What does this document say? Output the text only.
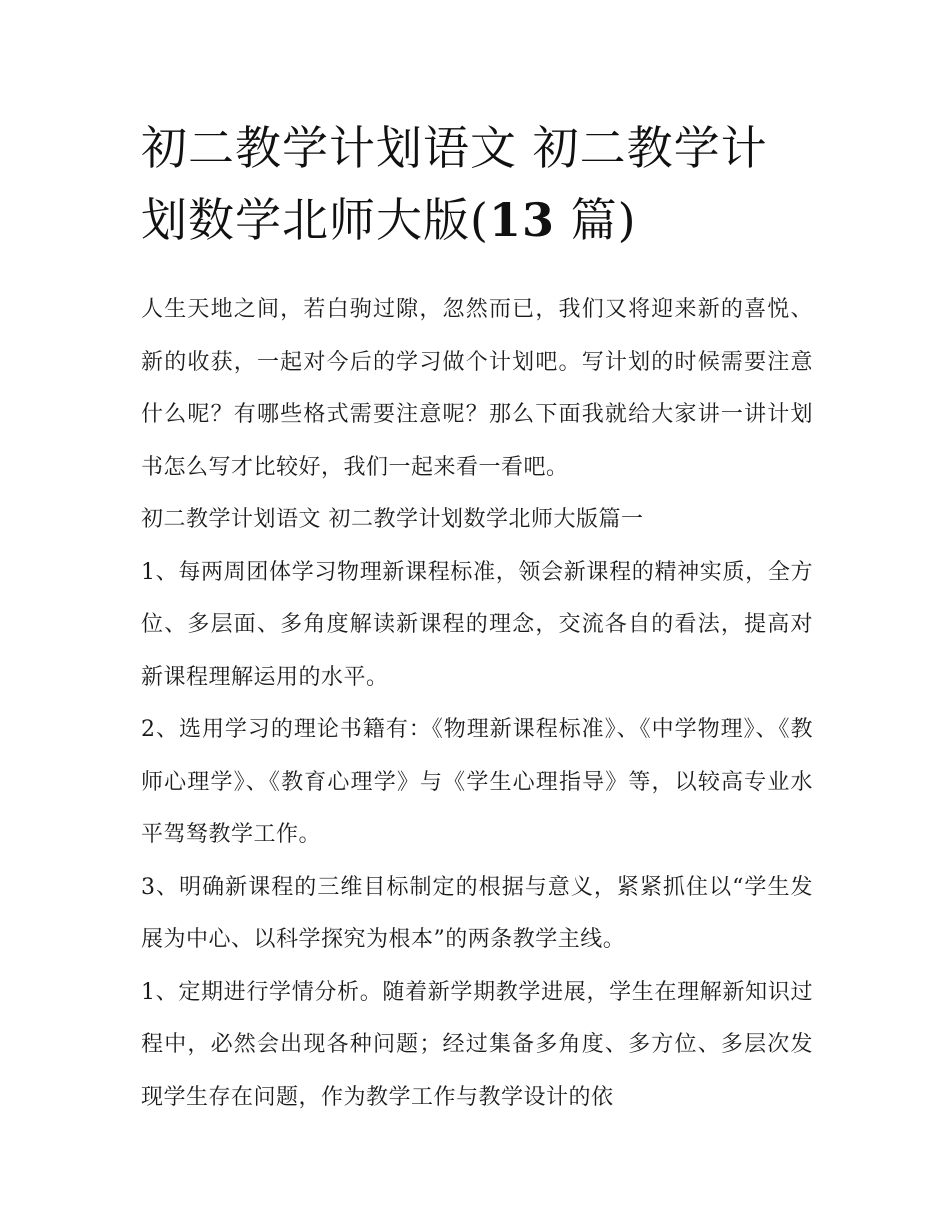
初二教学计划语文 初二教学计划数学北师大版(13 篇)

人生天地之间，若白驹过隙，忽然而已，我们又将迎来新的喜悦、新的收获，一起对今后的学习做个计划吧。写计划的时候需要注意什么呢？有哪些格式需要注意呢？那么下面我就给大家讲一讲计划书怎么写才比较好，我们一起来看一看吧。

初二教学计划语文 初二教学计划数学北师大版篇一

1、每两周团体学习物理新课程标准，领会新课程的精神实质，全方位、多层面、多角度解读新课程的理念，交流各自的看法，提高对新课程理解运用的水平。

2、选用学习的理论书籍有：《物理新课程标准》、《中学物理》、《教师心理学》、《教育心理学》与《学生心理指导》等，以较高专业水平驾驽教学工作。

3、明确新课程的三维目标制定的根据与意义，紧紧抓住以“学生发展为中心、以科学探究为根本”的两条教学主线。

1、定期进行学情分析。随着新学期教学进展，学生在理解新知识过程中，必然会出现各种问题；经过集备多角度、多方位、多层次发现学生存在问题，作为教学工作与教学设计的依
